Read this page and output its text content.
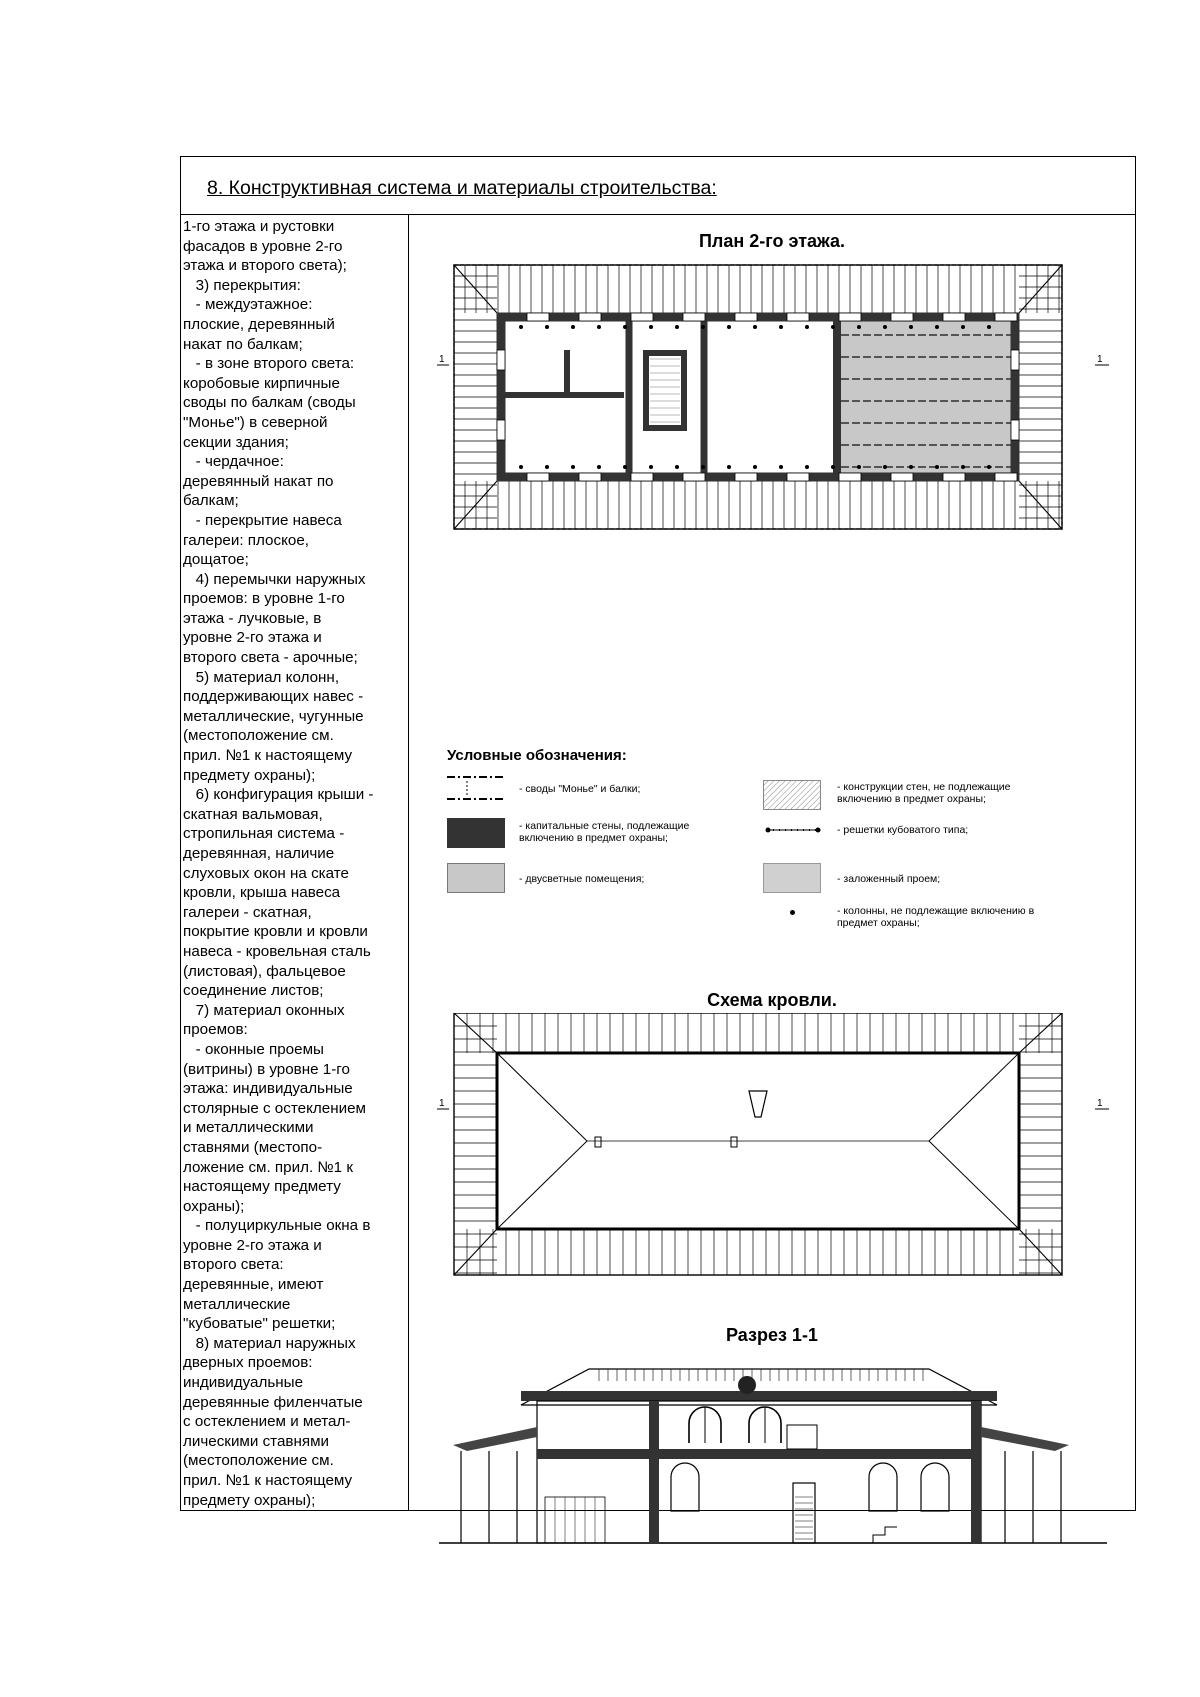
8. Конструктивная система и материалы строительства:

1-го этажа и рустовки
фасадов в уровне 2-го
этажа и второго света);
3) перекрытия:
- междуэтажное:
плоские, деревянный
накат по балкам;
- в зоне второго света:
коробовые кирпичные
своды по балкам (своды
"Монье") в северной
секции здания;
- чердачное:
деревянный накат по
балкам;
- перекрытие навеса
галереи: плоское,
дощатое;
4) перемычки наружных
проемов: в уровне 1-го
этажа - лучковые, в
уровне 2-го этажа и
второго света - арочные;
5) материал колонн,
поддерживающих навес -
металлические, чугунные
(местоположение см.
прил. №1 к настоящему
предмету охраны);
6) конфигурация крыши -
скатная вальмовая,
стропильная система -
деревянная, наличие
слуховых окон на скате
кровли, крыша навеса
галереи - скатная,
покрытие кровли и кровли
навеса - кровельная сталь
(листовая), фальцевое
соединение листов;
7) материал оконных
проемов:
- оконные проемы
(витрины) в уровне 1-го
этажа: индивидуальные
столярные с остеклением
и металлическими
ставнями (местопо-
ложение см. прил. №1 к
настоящему предмету
охраны);
- полуциркульные окна в
уровне 2-го этажа и
второго света:
деревянные, имеют
металлические
"кубоватые" решетки;
8) материал наружных
дверных проемов:
индивидуальные
деревянные филенчатые
с остеклением и метал-
лическими ставнями
(местоположение см.
прил. №1 к настоящему
предмету охраны);

План 2-го этажа.
1	1
Условные обозначения:
- своды "Монье" и балки;
- капитальные стены, подлежащие включению в предмет охраны;
- двусветные помещения;
- конструкции стен, не подлежащие включению в предмет охраны;
- решетки кубоватого типа;
- заложенный проем;
- колонны, не подлежащие включению в предмет охраны;
Схема кровли.
1	1
Разрез 1-1
